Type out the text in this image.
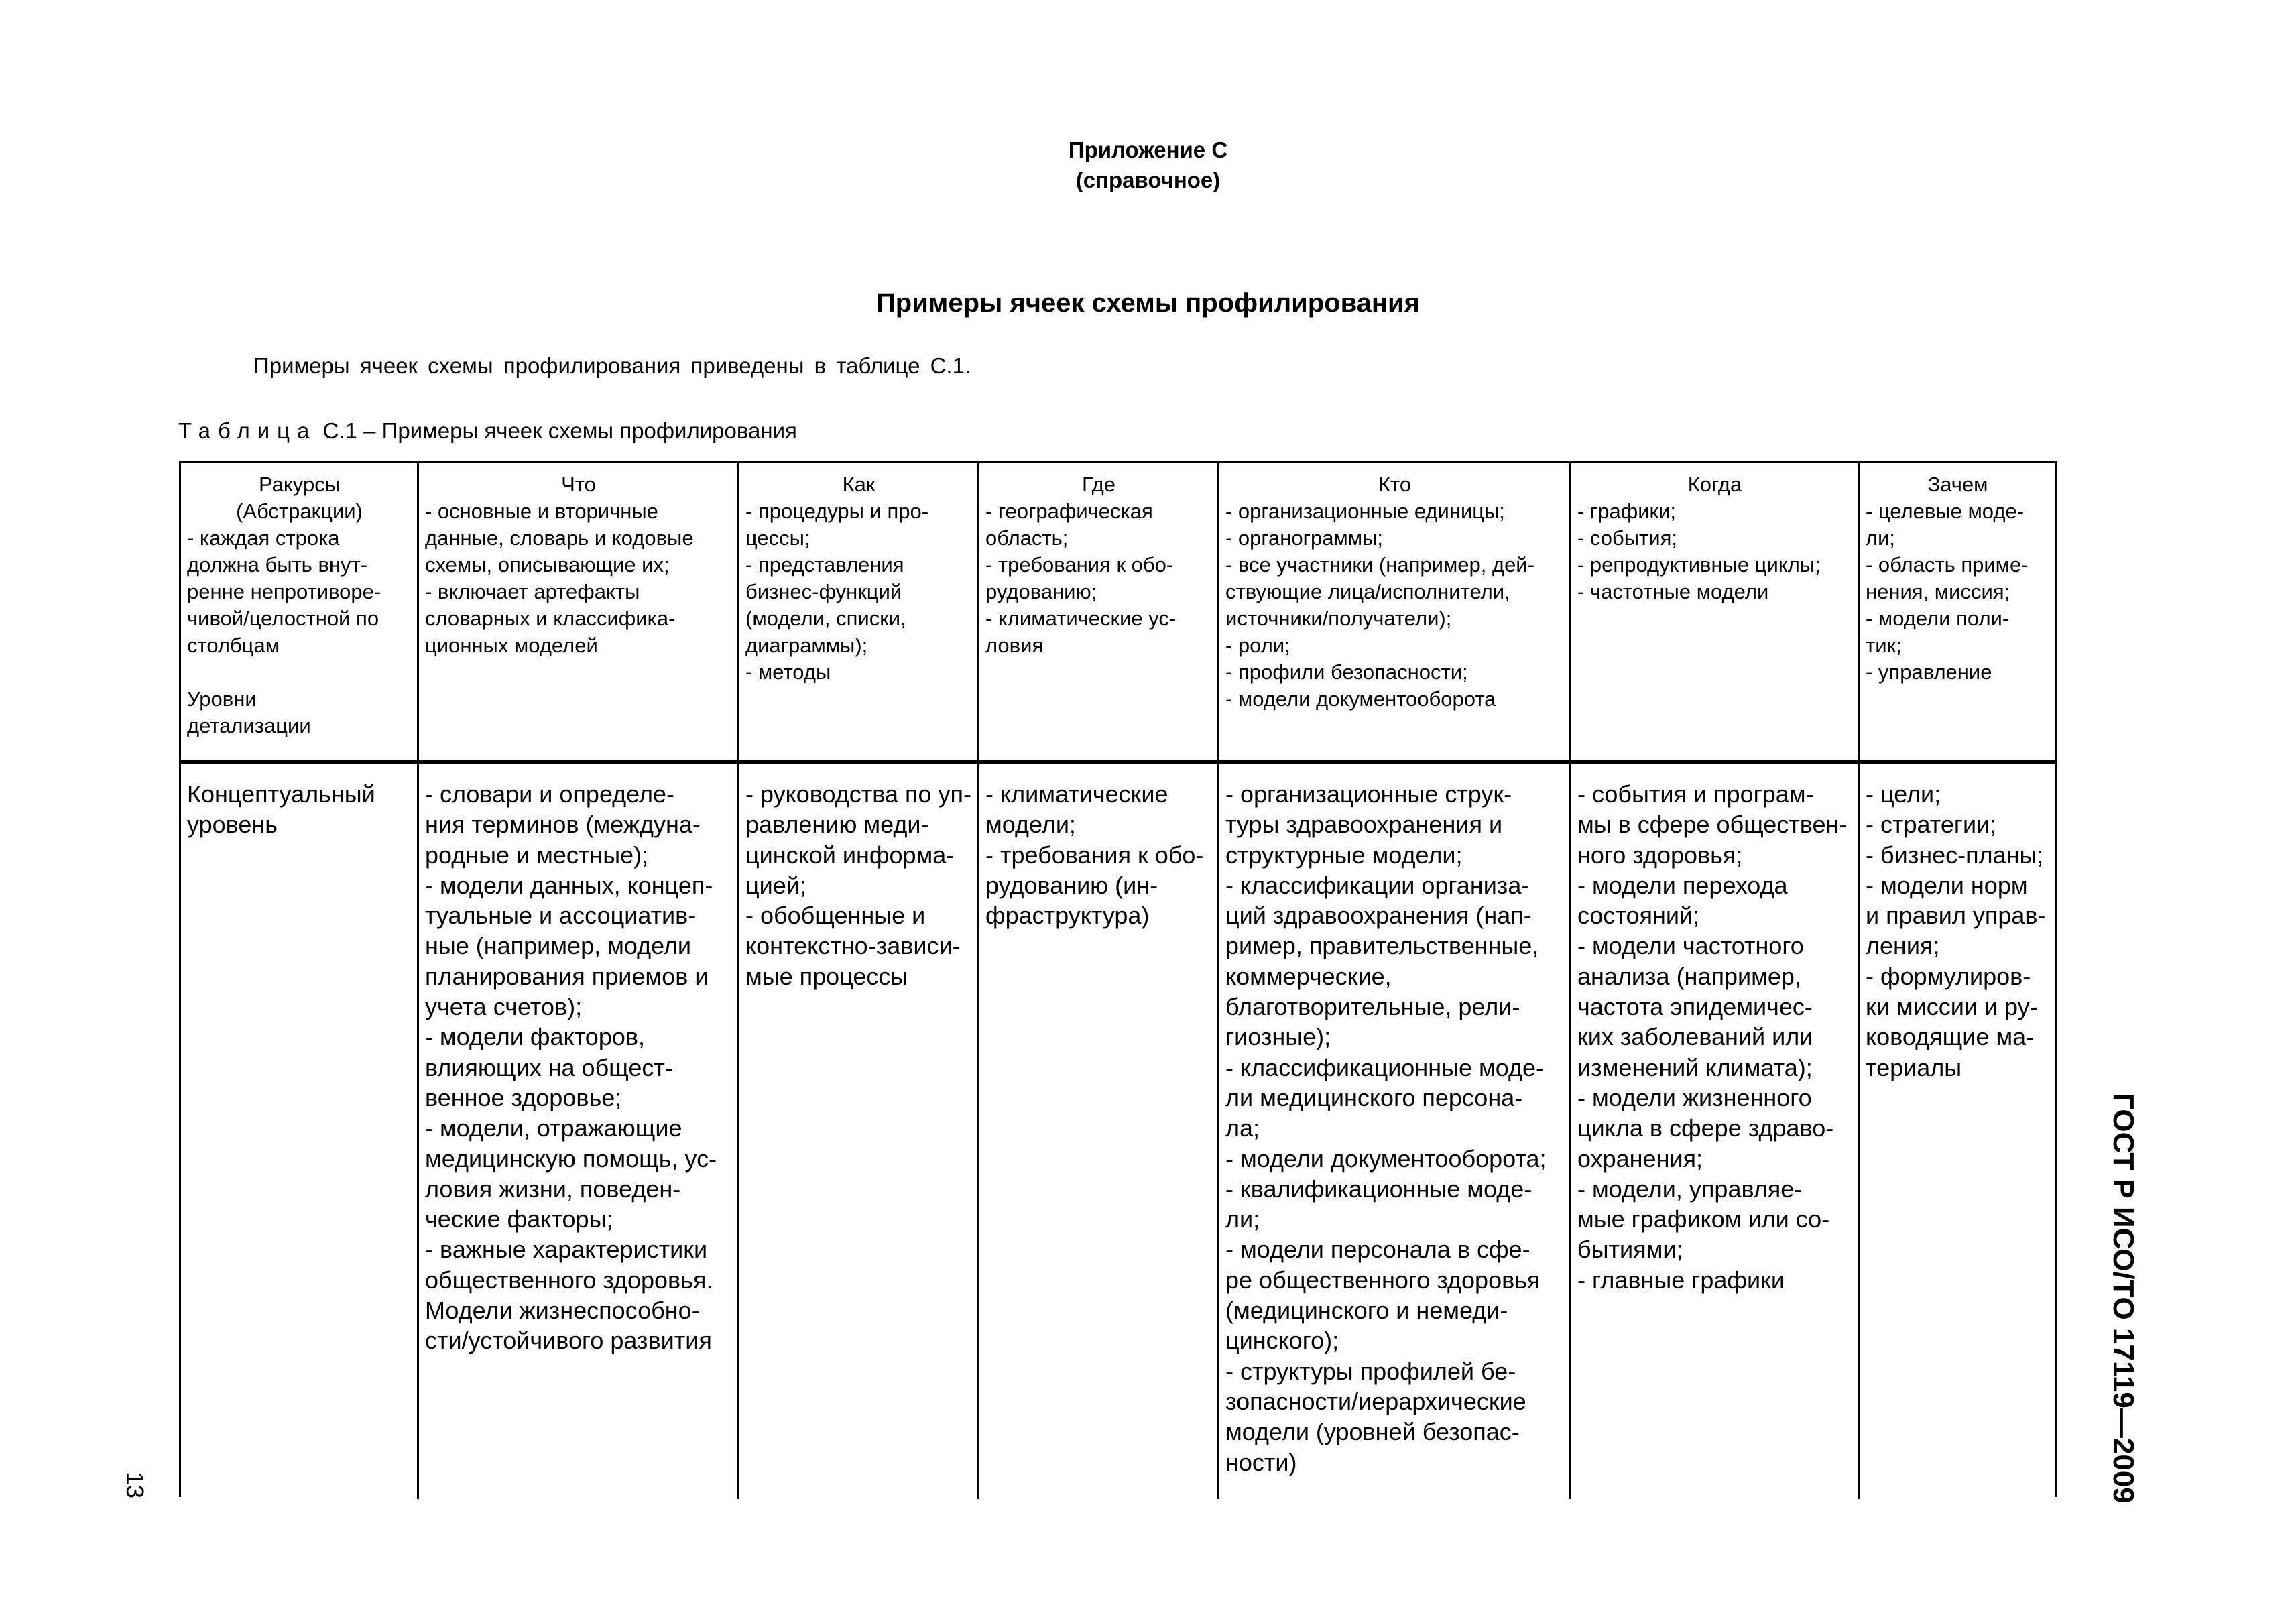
Приложение С
(справочное)
Примеры ячеек схемы профилирования
Примеры ячеек схемы профилирования приведены в таблице С.1.
Таблица С.1 – Примеры ячеек схемы профилирования
Ракурсы
(Абстракции)
- каждая строка
должна быть внут-
ренне непротиворе-
чивой/целостной по
столбцам
Уровни
детализации
Что
- основные и вторичные
данные, словарь и кодовые
схемы, описывающие их;
- включает артефакты
словарных и классифика-
ционных моделей
Как
- процедуры и про-
цессы;
- представления
бизнес-функций
(модели, списки,
диаграммы);
- методы
Где
- географическая
область;
- требования к обо-
рудованию;
- климатические ус-
ловия
Кто
- организационные единицы;
- органограммы;
- все участники (например, дей-
ствующие лица/исполнители,
источники/получатели);
- роли;
- профили безопасности;
- модели документооборота
Когда
- графики;
- события;
- репродуктивные циклы;
- частотные модели
Зачем
- целевые моде-
ли;
- область приме-
нения, миссия;
- модели поли-
тик;
- управление
Концептуальный
уровень
- словари и определе-
ния терминов (междуна-
родные и местные);
- модели данных, концеп-
туальные и ассоциатив-
ные (например, модели
планирования приемов и
учета счетов);
- модели факторов,
влияющих на общест-
венное здоровье;
- модели, отражающие
медицинскую помощь, ус-
ловия жизни, поведен-
ческие факторы;
- важные характеристики
общественного здоровья.
Модели жизнеспособно-
сти/устойчивого развития
- руководства по уп-
равлению меди-
цинской информа-
цией;
- обобщенные и
контекстно-зависи-
мые процессы
- климатические
модели;
- требования к обо-
рудованию (ин-
фраструктура)
- организационные струк-
туры здравоохранения и
структурные модели;
- классификации организа-
ций здравоохранения (нап-
ример, правительственные,
коммерческие,
благотворительные, рели-
гиозные);
- классификационные моде-
ли медицинского персона-
ла;
- модели документооборота;
- квалификационные моде-
ли;
- модели персонала в сфе-
ре общественного здоровья
(медицинского и немеди-
цинского);
- структуры профилей бе-
зопасности/иерархические
модели (уровней безопас-
ности)
- события и програм-
мы в сфере обществен-
ного здоровья;
- модели перехода
состояний;
- модели частотного
анализа (например,
частота эпидемичес-
ких заболеваний или
изменений климата);
- модели жизненного
цикла в сфере здраво-
охранения;
- модели, управляе-
мые графиком или со-
бытиями;
- главные графики
- цели;
- стратегии;
- бизнес-планы;
- модели норм
и правил управ-
ления;
- формулиров-
ки миссии и ру-
ководящие ма-
териалы
ГОСТ Р ИСО/ТО 17119—2009
13
